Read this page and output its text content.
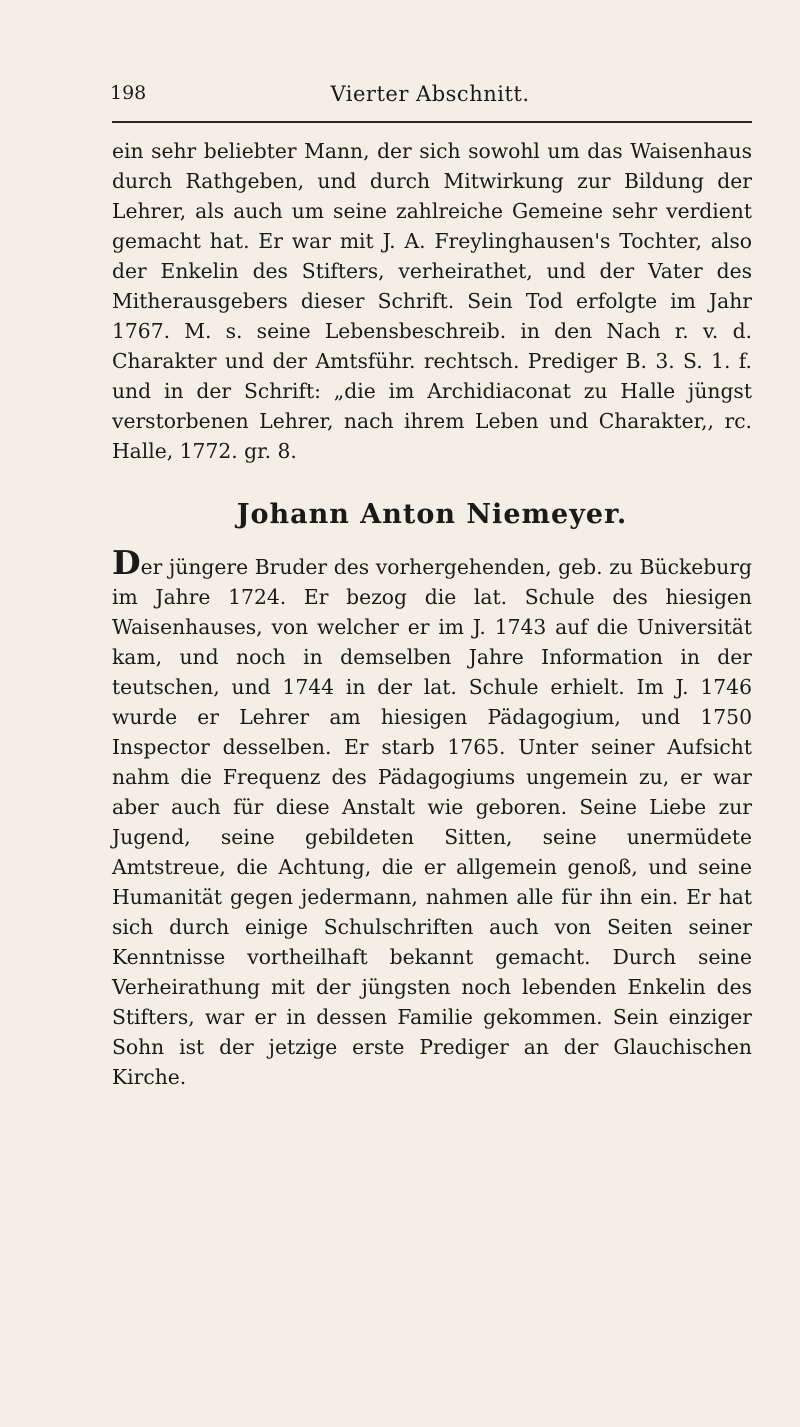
198	Vierter Abschnitt.

ein sehr beliebter Mann, der sich sowohl um das Waisenhaus durch Rathgeben, und durch Mitwirkung zur Bildung der Lehrer, als auch um seine zahlreiche Gemeine sehr verdient gemacht hat. Er war mit J. A. Freylinghausen's Tochter, also der Enkelin des Stifters, verheirathet, und der Vater des Mitherausgebers dieser Schrift. Sein Tod erfolgte im Jahr 1767. M. s. seine Lebensbeschreib. in den Nach r. v. d. Charakter und der Amtsführ. rechtsch. Prediger B. 3. S. 1. f. und in der Schrift: „die im Archidiaconat zu Halle jüngst verstorbenen Lehrer, nach ihrem Leben und Charakter,, rc. Halle, 1772. gr. 8.

Johann Anton Niemeyer.

Der jüngere Bruder des vorhergehenden, geb. zu Bückeburg im Jahre 1724. Er bezog die lat. Schule des hiesigen Waisenhauses, von welcher er im J. 1743 auf die Universität kam, und noch in demselben Jahre Information in der teutschen, und 1744 in der lat. Schule erhielt. Im J. 1746 wurde er Lehrer am hiesigen Pädagogium, und 1750 Inspector desselben. Er starb 1765. Unter seiner Aufsicht nahm die Frequenz des Pädagogiums ungemein zu, er war aber auch für diese Anstalt wie geboren. Seine Liebe zur Jugend, seine gebildeten Sitten, seine unermüdete Amtstreue, die Achtung, die er allgemein genoß, und seine Humanität gegen jedermann, nahmen alle für ihn ein. Er hat sich durch einige Schulschriften auch von Seiten seiner Kenntnisse vortheilhaft bekannt gemacht. Durch seine Verheirathung mit der jüngsten noch lebenden Enkelin des Stifters, war er in dessen Familie gekommen. Sein einziger Sohn ist der jetzige erste Prediger an der Glauchischen Kirche.
